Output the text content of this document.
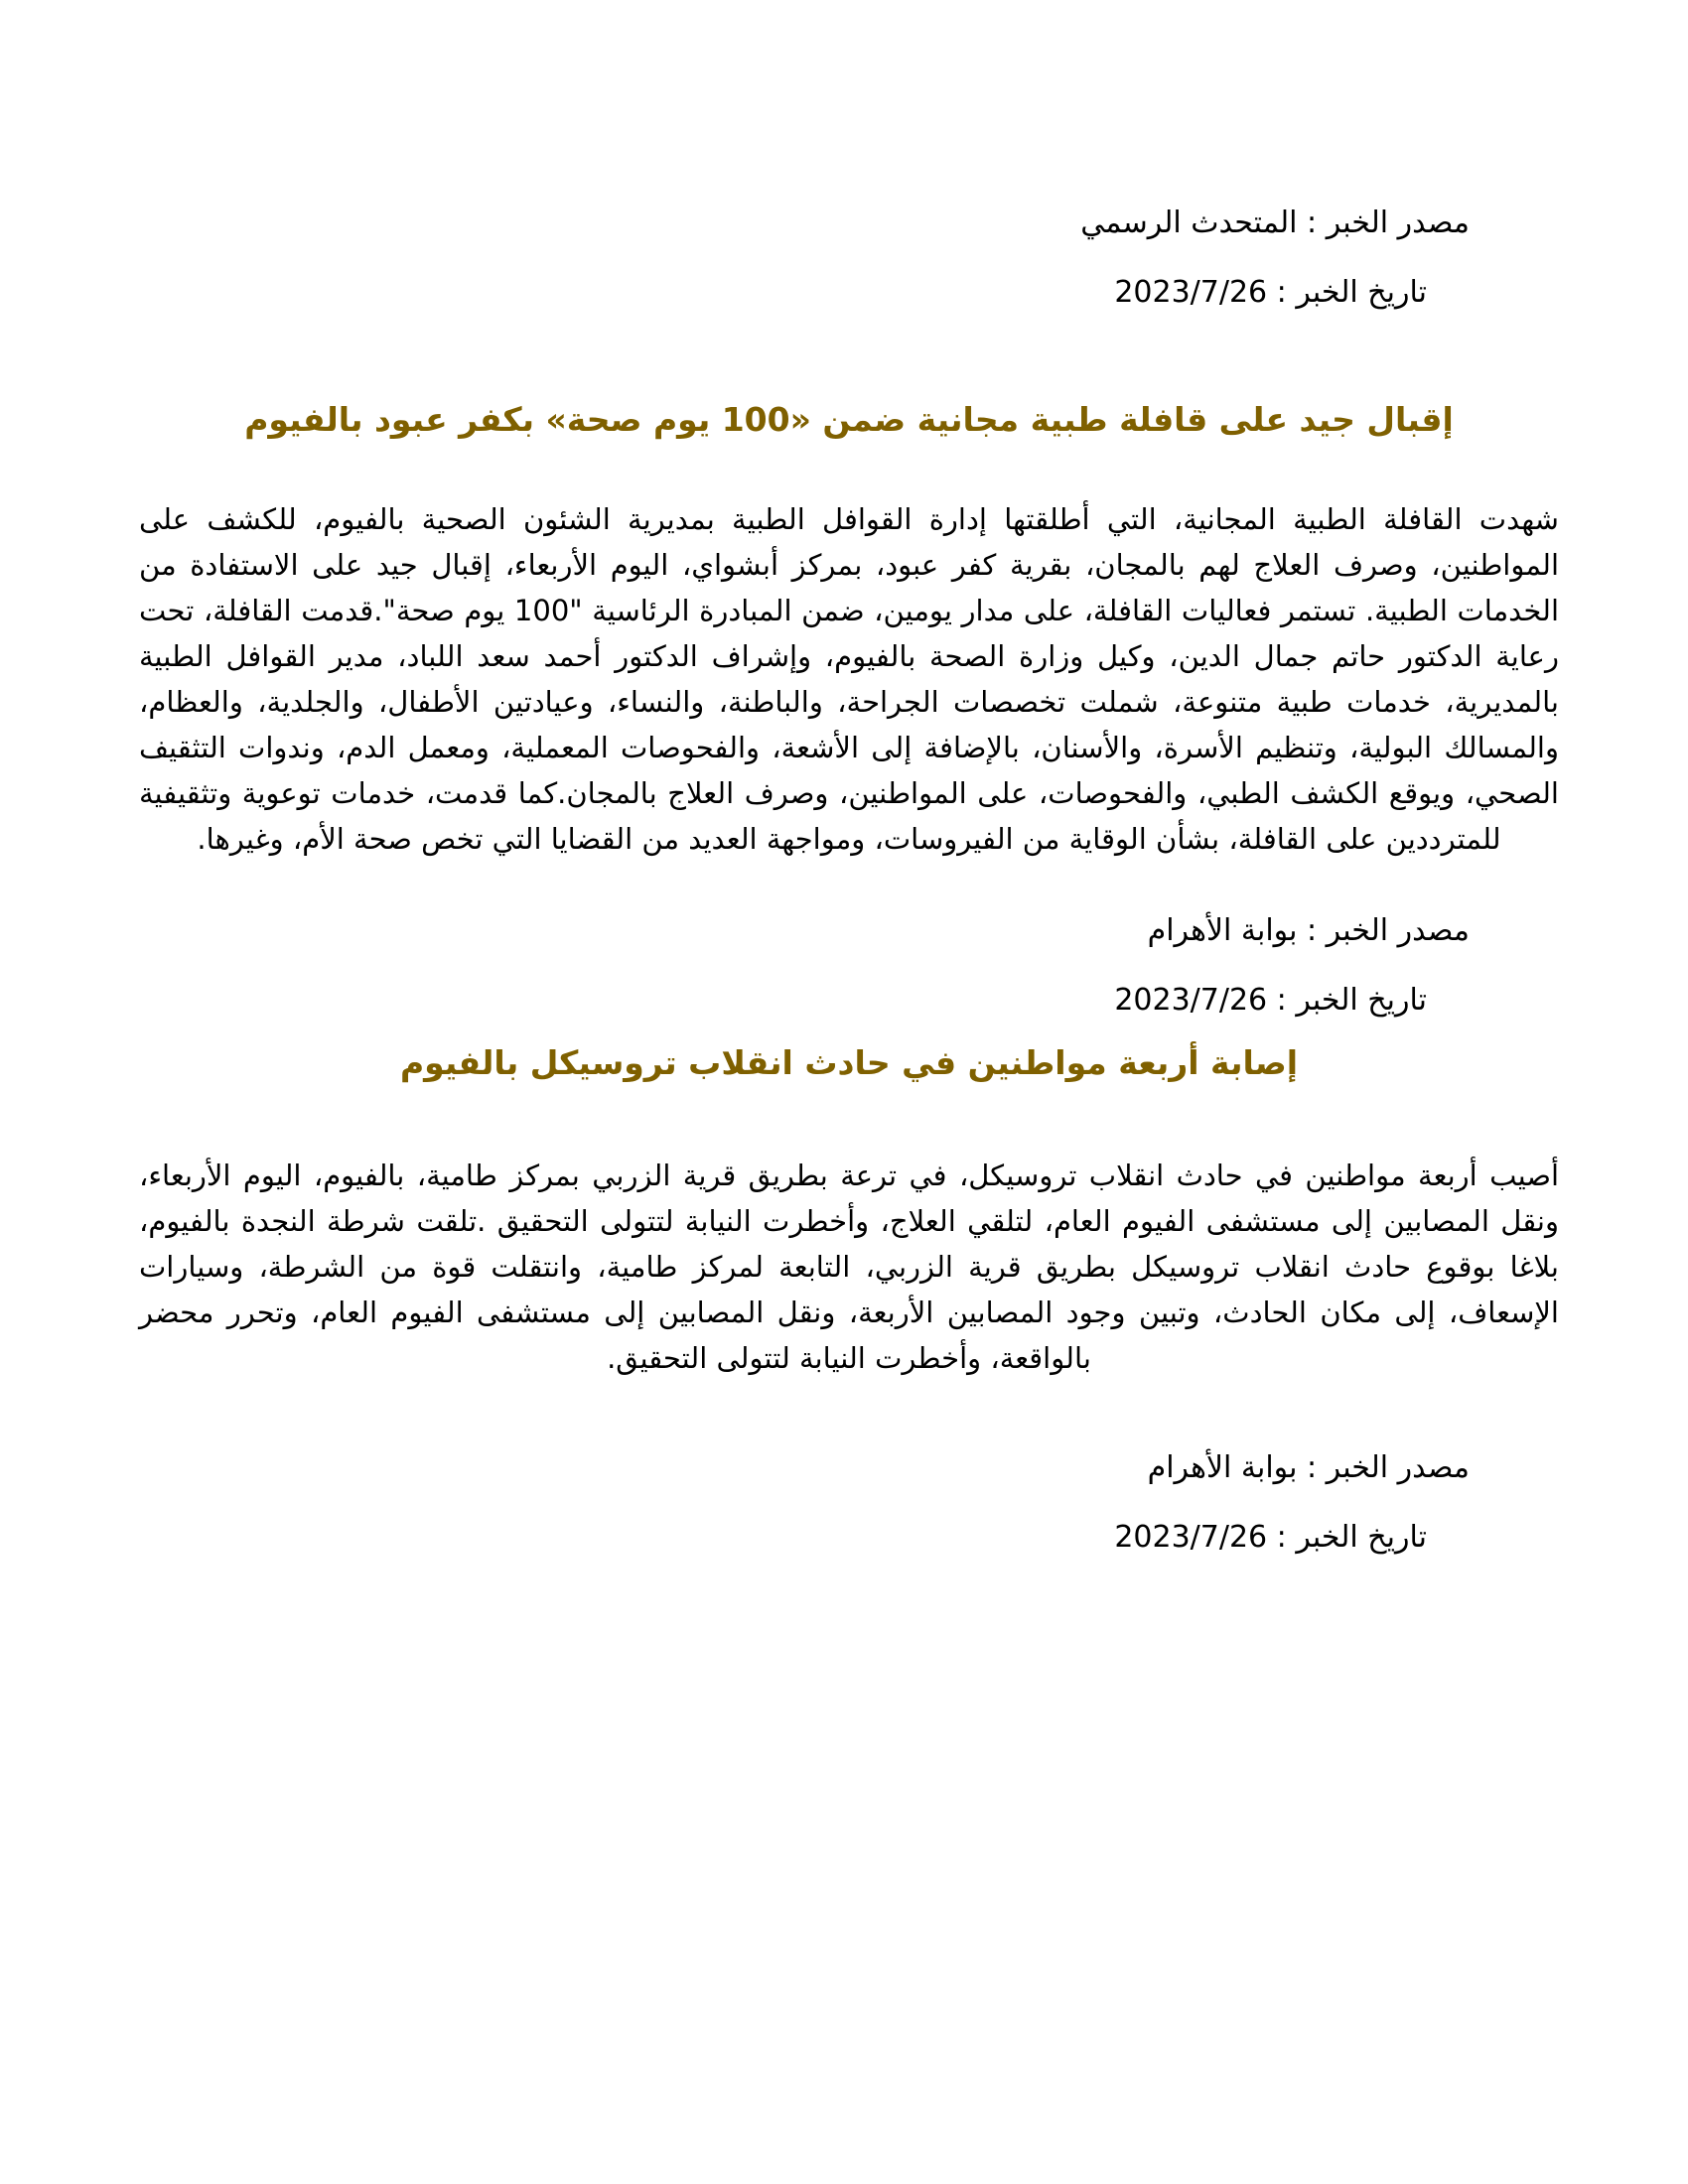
مصدر الخبر : المتحدث الرسمي
تاريخ الخبر : 2023/7/26
إقبال جيد على قافلة طبية مجانية ضمن «100 يوم صحة» بكفر عبود بالفيوم

شهدت القافلة الطبية المجانية، التي أطلقتها إدارة القوافل الطبية بمديرية الشئون الصحية بالفيوم، للكشف على المواطنين، وصرف العلاج لهم بالمجان، بقرية كفر عبود، بمركز أبشواي، اليوم الأربعاء، إقبال جيد على الاستفادة من الخدمات الطبية. تستمر فعاليات القافلة، على مدار يومين، ضمن المبادرة الرئاسية "100 يوم صحة".قدمت القافلة، تحت رعاية الدكتور حاتم جمال الدين، وكيل وزارة الصحة بالفيوم، وإشراف الدكتور أحمد سعد اللباد، مدير القوافل الطبية بالمديرية، خدمات طبية متنوعة، شملت تخصصات الجراحة، والباطنة، والنساء، وعيادتين الأطفال، والجلدية، والعظام، والمسالك البولية، وتنظيم الأسرة، والأسنان، بالإضافة إلى الأشعة، والفحوصات المعملية، ومعمل الدم، وندوات التثقيف الصحي، ويوقع الكشف الطبي، والفحوصات، على المواطنين، وصرف العلاج بالمجان.كما قدمت، خدمات توعوية وتثقيفية للمترددين على القافلة، بشأن الوقاية من الفيروسات، ومواجهة العديد من القضايا التي تخص صحة الأم، وغيرها.

مصدر الخبر : بوابة الأهرام
تاريخ الخبر : 2023/7/26
إصابة أربعة مواطنين في حادث انقلاب تروسيكل بالفيوم

أصيب أربعة مواطنين في حادث انقلاب تروسيكل، في ترعة بطريق قرية الزربي بمركز طامية، بالفيوم، اليوم الأربعاء، ونقل المصابين إلى مستشفى الفيوم العام، لتلقي العلاج، وأخطرت النيابة لتتولى التحقيق .تلقت شرطة النجدة بالفيوم، بلاغا بوقوع حادث انقلاب تروسيكل بطريق قرية الزربي، التابعة لمركز طامية، وانتقلت قوة من الشرطة، وسيارات الإسعاف، إلى مكان الحادث، وتبين وجود المصابين الأربعة، ونقل المصابين إلى مستشفى الفيوم العام، وتحرر محضر بالواقعة، وأخطرت النيابة لتتولى التحقيق.

مصدر الخبر : بوابة الأهرام
تاريخ الخبر : 2023/7/26
